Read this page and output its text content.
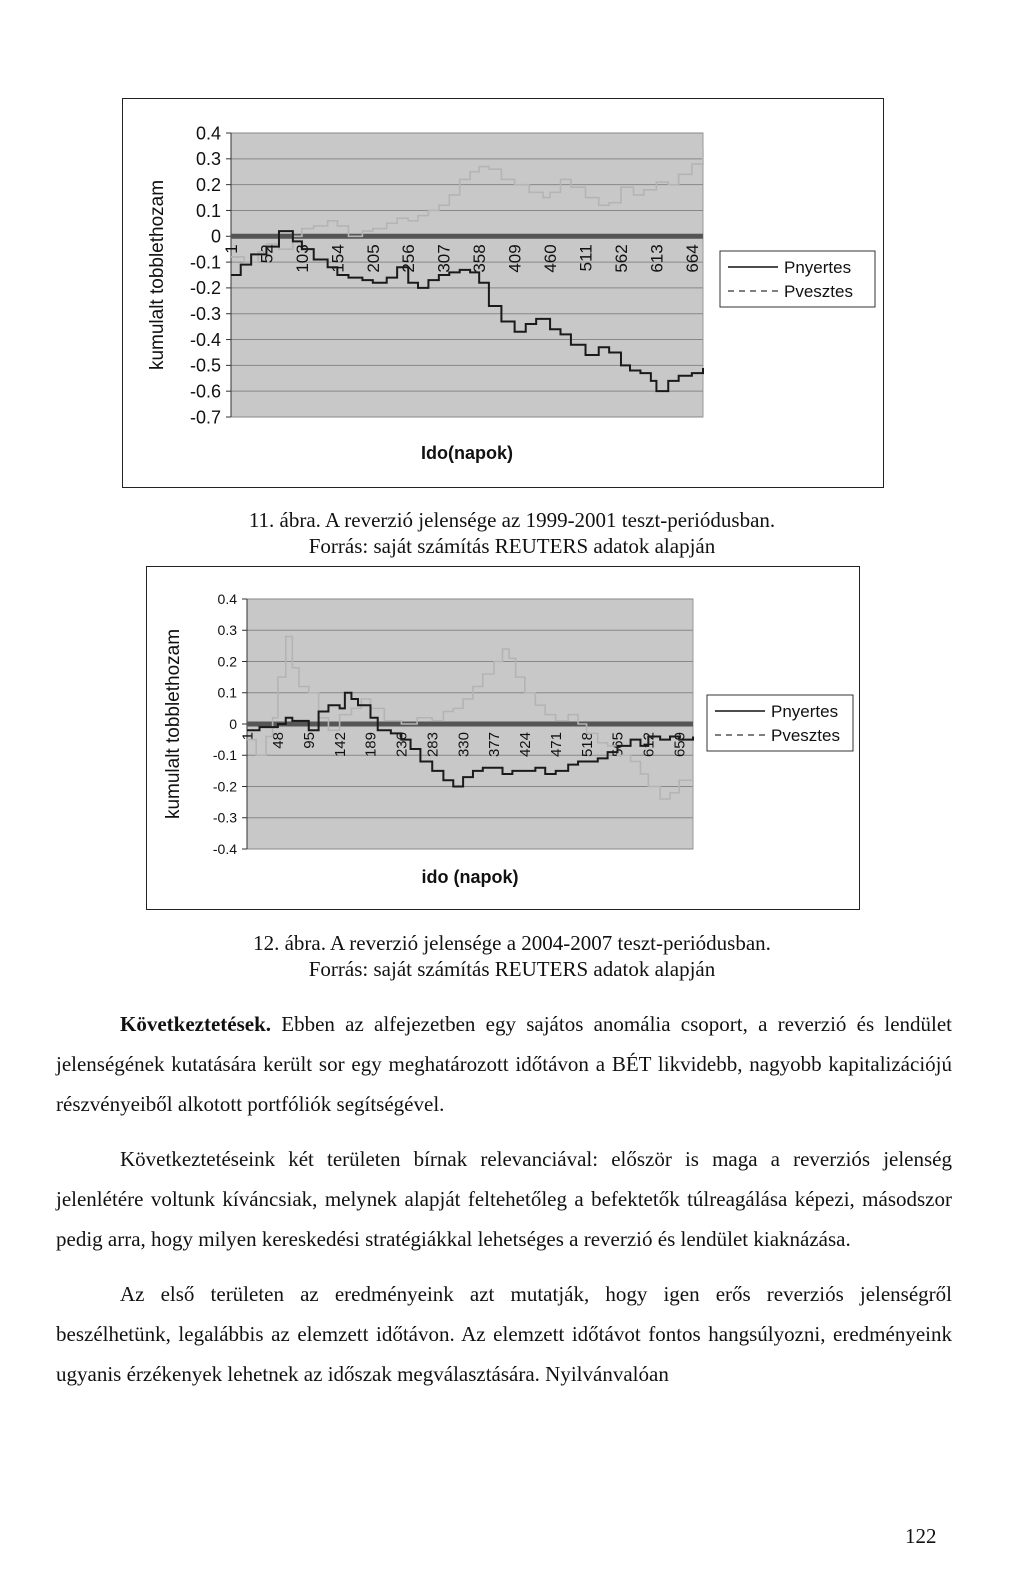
0.4
0.3
0.2
0.1
0
-0.1
-0.2
-0.3
-0.4
-0.5
-0.6
-0.7
1 52 103 154 205 256 307 358 409 460 511 562 613 664
kumulalt tobblethozam
Ido(napok)
Pnyertes
Pvesztes

11. ábra. A reverzió jelensége az 1999-2001 teszt-periódusban.

Forrás: saját számítás REUTERS adatok alapján

0.4
0.3
0.2
0.1
0
-0.1
-0.2
-0.3
-0.4
1 48 95 142 189 236 283 330 377 424 471 518 565 612 659
kumulalt tobblethozam
ido (napok)
Pnyertes
Pvesztes

12. ábra. A reverzió jelensége a 2004-2007 teszt-periódusban.

Forrás: saját számítás REUTERS adatok alapján

Következtetések. Ebben az alfejezetben egy sajátos anomália csoport, a reverzió és lendület jelenségének kutatására került sor egy meghatározott időtávon a BÉT likvidebb, nagyobb kapitalizációjú részvényeiből alkotott portfóliók segítségével.

Következtetéseink két területen bírnak relevanciával: először is maga a reverziós jelenség jelenlétére voltunk kíváncsiak, melynek alapját feltehetőleg a befektetők túlreagálása képezi, másodszor pedig arra, hogy milyen kereskedési stratégiákkal lehetséges a reverzió és lendület kiaknázása.

Az első területen az eredményeink azt mutatják, hogy igen erős reverziós jelenségről beszélhetünk, legalábbis az elemzett időtávon. Az elemzett időtávot fontos hangsúlyozni, eredményeink ugyanis érzékenyek lehetnek az időszak megválasztására. Nyilvánvalóan

122
